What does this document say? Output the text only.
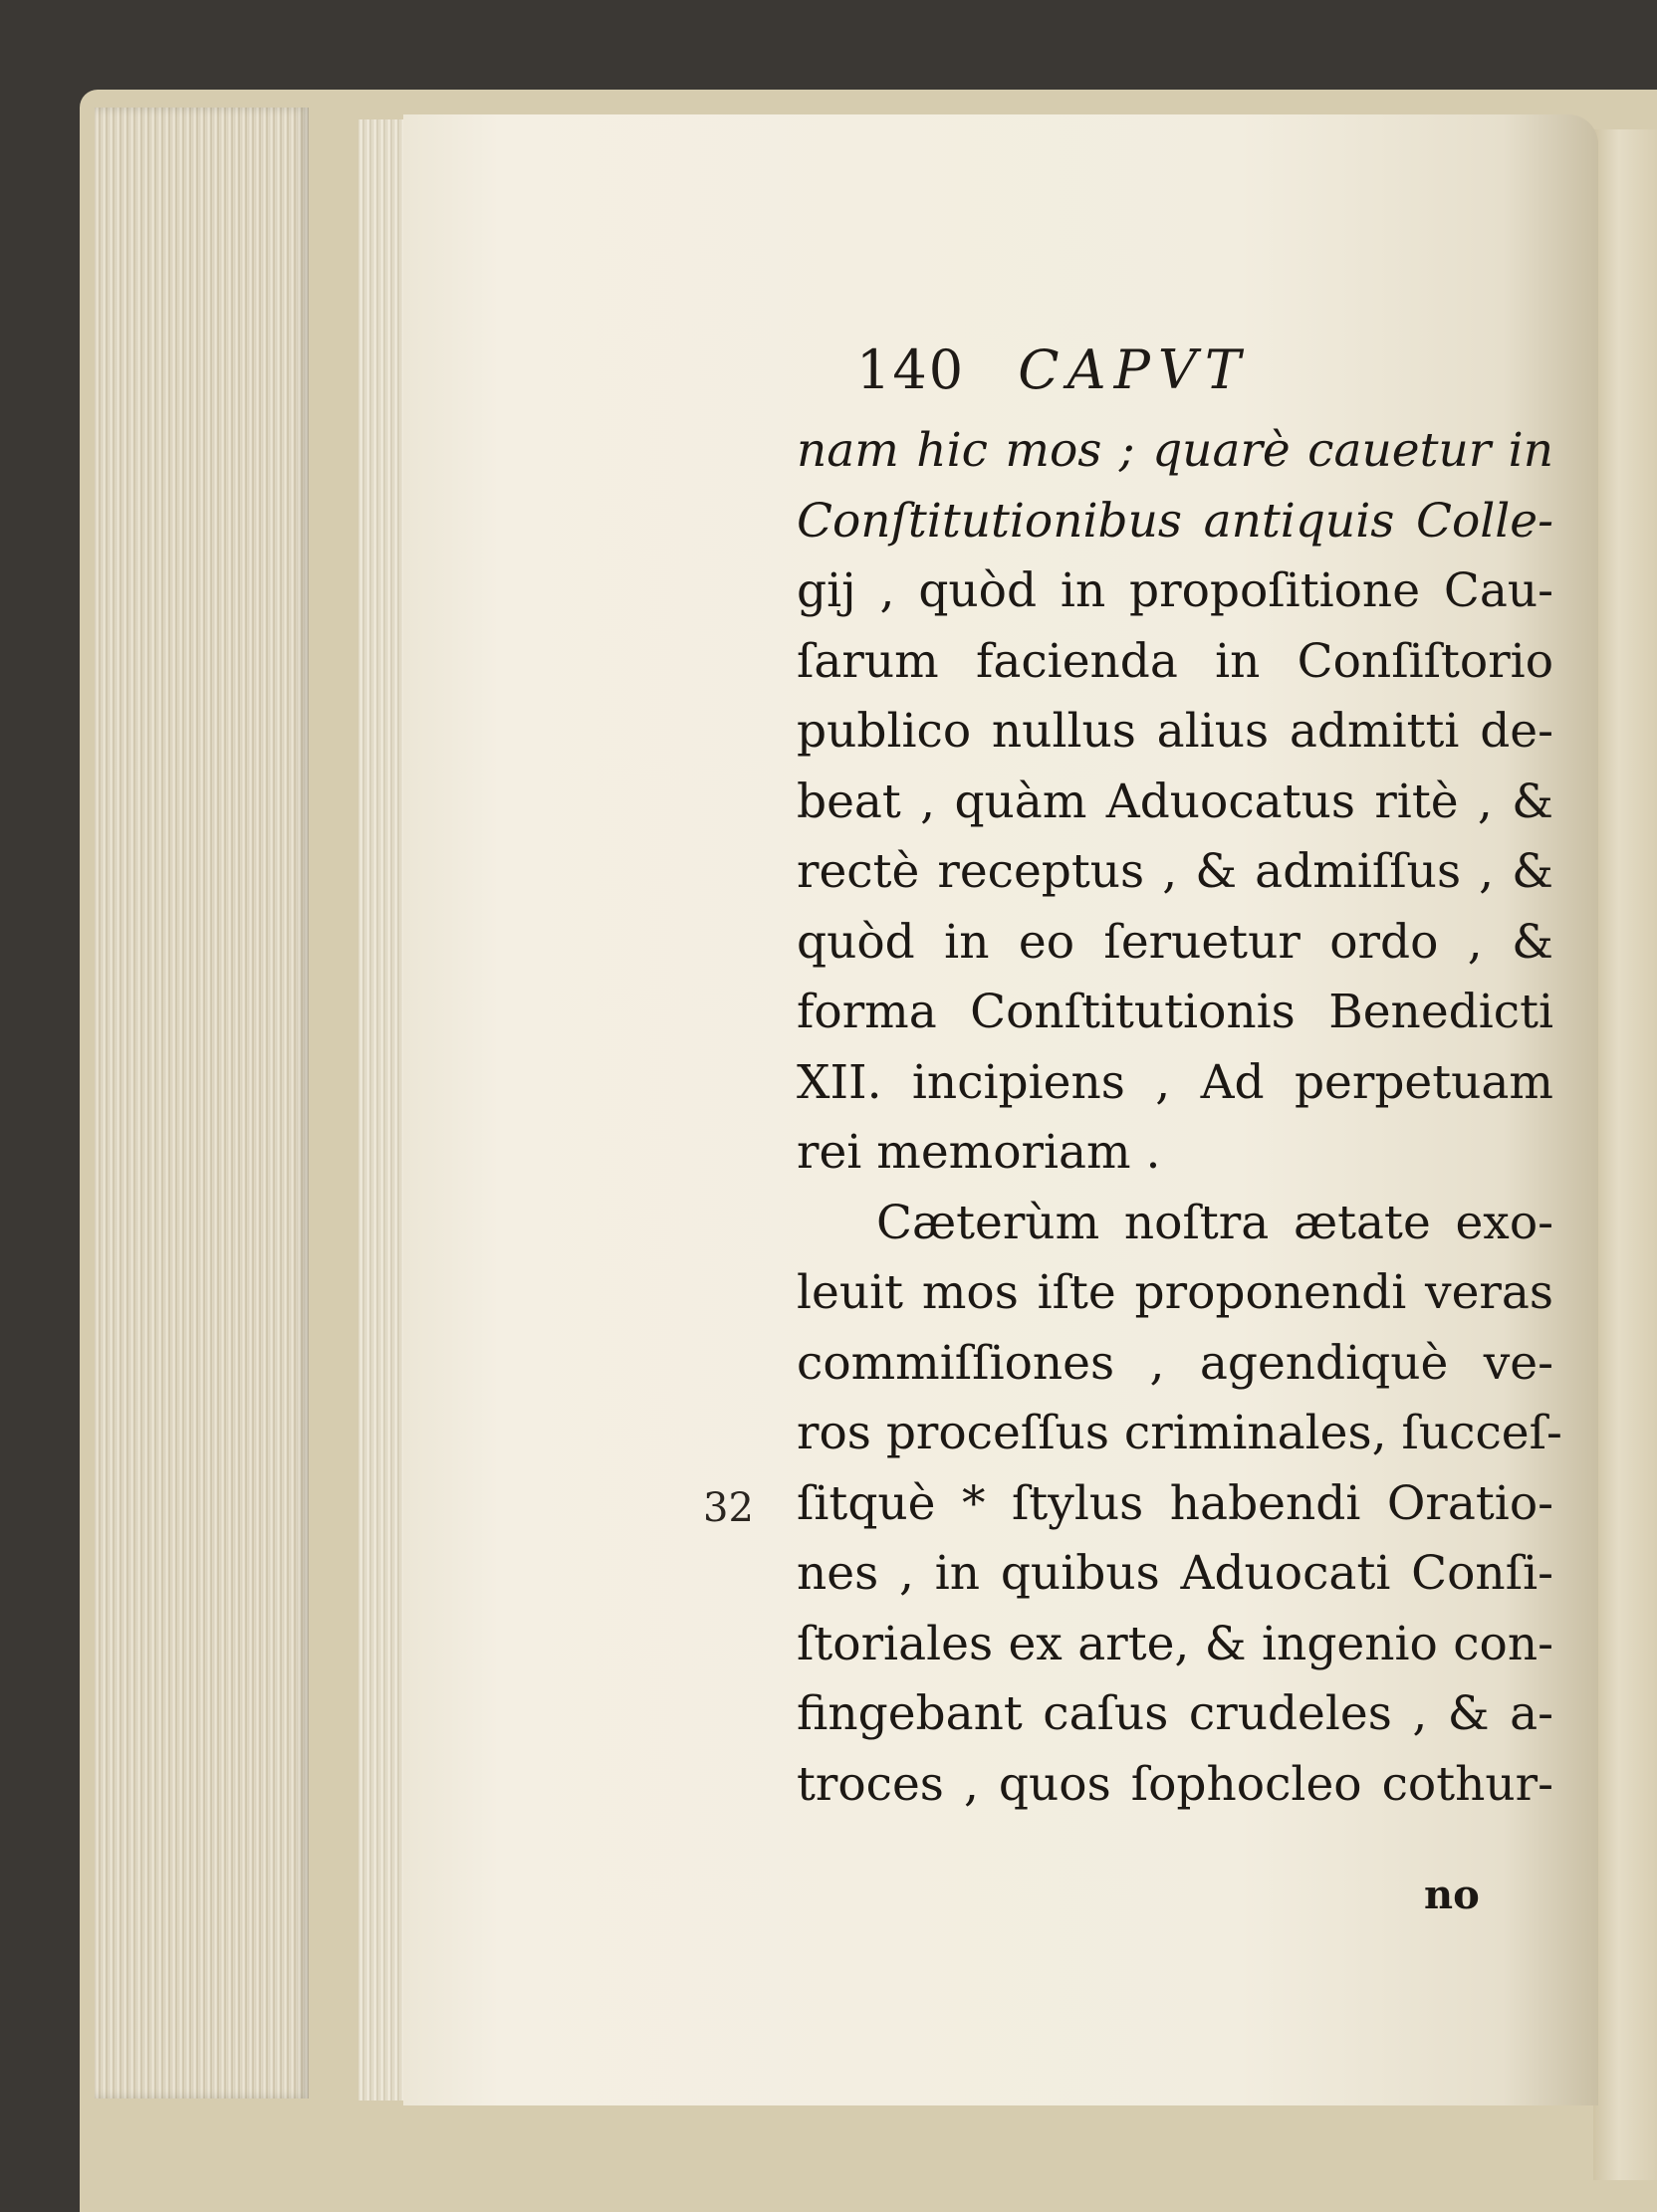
140 CAPVT
nam hic mos ; quarè cauetur in
Conſtitutionibus antiquis Colle-
gij , quòd in propoſitione Cau-
ſarum facienda in Conſiſtorio
publico nullus alius admitti de-
beat , quàm Aduocatus ritè , &
rectè receptus , & admiſſus , &
quòd in eo ſeruetur ordo , &
forma Conſtitutionis Benedicti
XII. incipiens , Ad perpetuam
rei memoriam .
Cæterùm noſtra ætate exo-
leuit mos iſte proponendi veras
commiſſiones , agendiquè ve-
ros proceſſus criminales, ſucceſ-
ſitquè * ſtylus habendi Oratio-
nes , in quibus Aduocati Conſi-
ſtoriales ex arte, & ingenio con-
fingebant caſus crudeles , & a-
troces , quos ſophocleo cothur-
32
no
